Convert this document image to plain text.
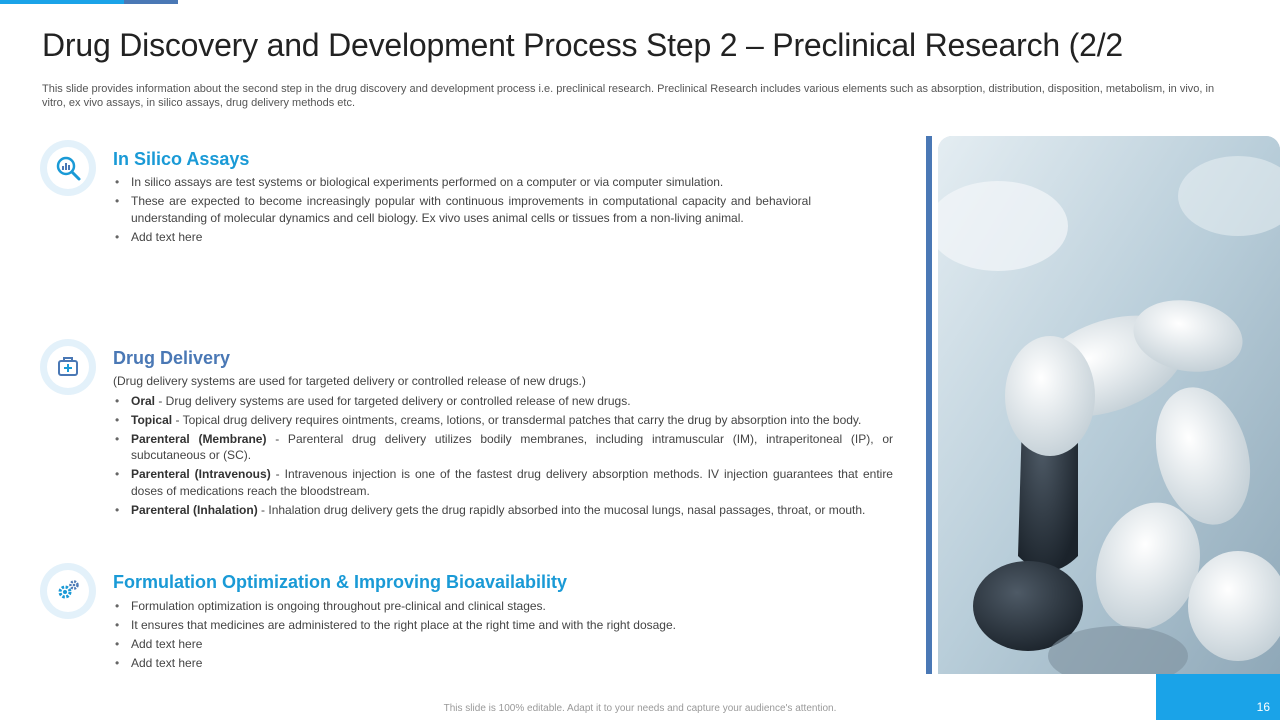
Drug Discovery and Development Process Step 2 – Preclinical Research (2/2
This slide provides information about the second step in the drug discovery and development process i.e. preclinical research. Preclinical Research includes various elements such as absorption, distribution, disposition, metabolism, in vivo, in vitro, ex vivo assays, in silico assays, drug delivery methods etc.
In Silico Assays
• In silico assays are test systems or biological experiments performed on a computer or via computer simulation.
• These are expected to become increasingly popular with continuous improvements in computational capacity and behavioral understanding of molecular dynamics and cell biology. Ex vivo uses animal cells or tissues from a non-living animal.
• Add text here
Drug Delivery

(Drug delivery systems are used for targeted delivery or controlled release of new drugs.)

• Oral - Drug delivery systems are used for targeted delivery or controlled release of new drugs.
• Topical - Topical drug delivery requires ointments, creams, lotions, or transdermal patches that carry the drug by absorption into the body.
• Parenteral (Membrane) - Parenteral drug delivery utilizes bodily membranes, including intramuscular (IM), intraperitoneal (IP), or subcutaneous or (SC).
• Parenteral (Intravenous) - Intravenous injection is one of the fastest drug delivery absorption methods. IV injection guarantees that entire doses of medications reach the bloodstream.
• Parenteral (Inhalation) - Inhalation drug delivery gets the drug rapidly absorbed into the mucosal lungs, nasal passages, throat, or mouth.
Formulation Optimization & Improving Bioavailability
• Formulation optimization is ongoing throughout pre-clinical and clinical stages.
• It ensures that medicines are administered to the right place at the right time and with the right dosage.
• Add text here
• Add text here
This slide is 100% editable. Adapt it to your needs and capture your audience's attention.	16
